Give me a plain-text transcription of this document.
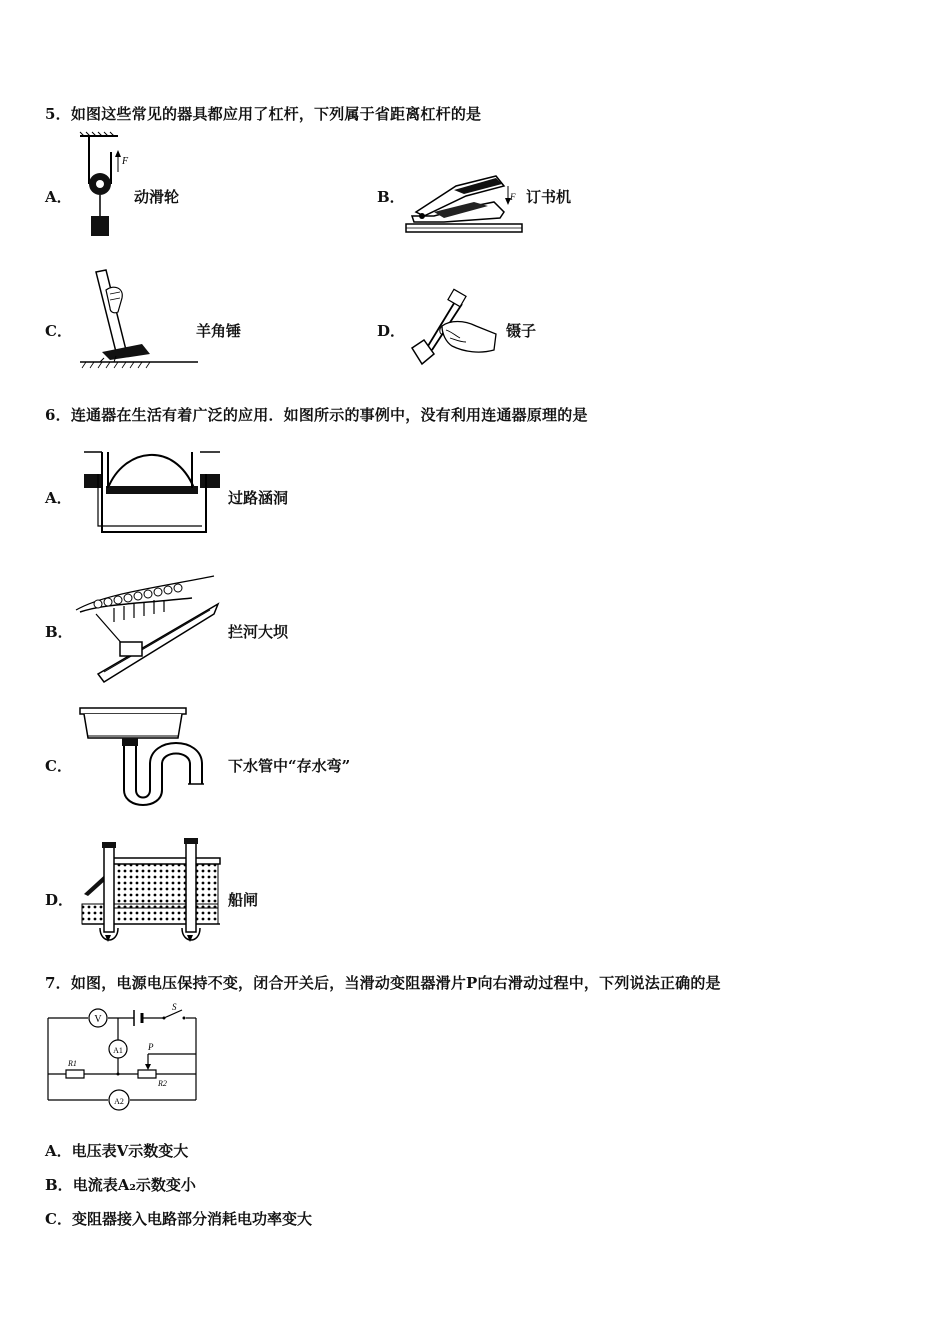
5．如图这些常见的器具都应用了杠杆，下列属于省距离杠杆的是
A．
F
动滑轮	B．	F 订书机
C．	羊角锤	D．	镊子
6．连通器在生活有着广泛的应用．如图所示的事例中，没有利用连通器原理的是
A．	过路涵洞
B．	拦河大坝
C．	下水管中“存水弯”
D．	船闸
7．如图，电源电压保持不变，闭合开关后，当滑动变阻器滑片P向右滑动过程中，下列说法正确的是
V
A1
A2
S
P
R1
R2
A．电压表V示数变大
B．电流表A₂示数变小
C．变阻器接入电路部分消耗电功率变大
